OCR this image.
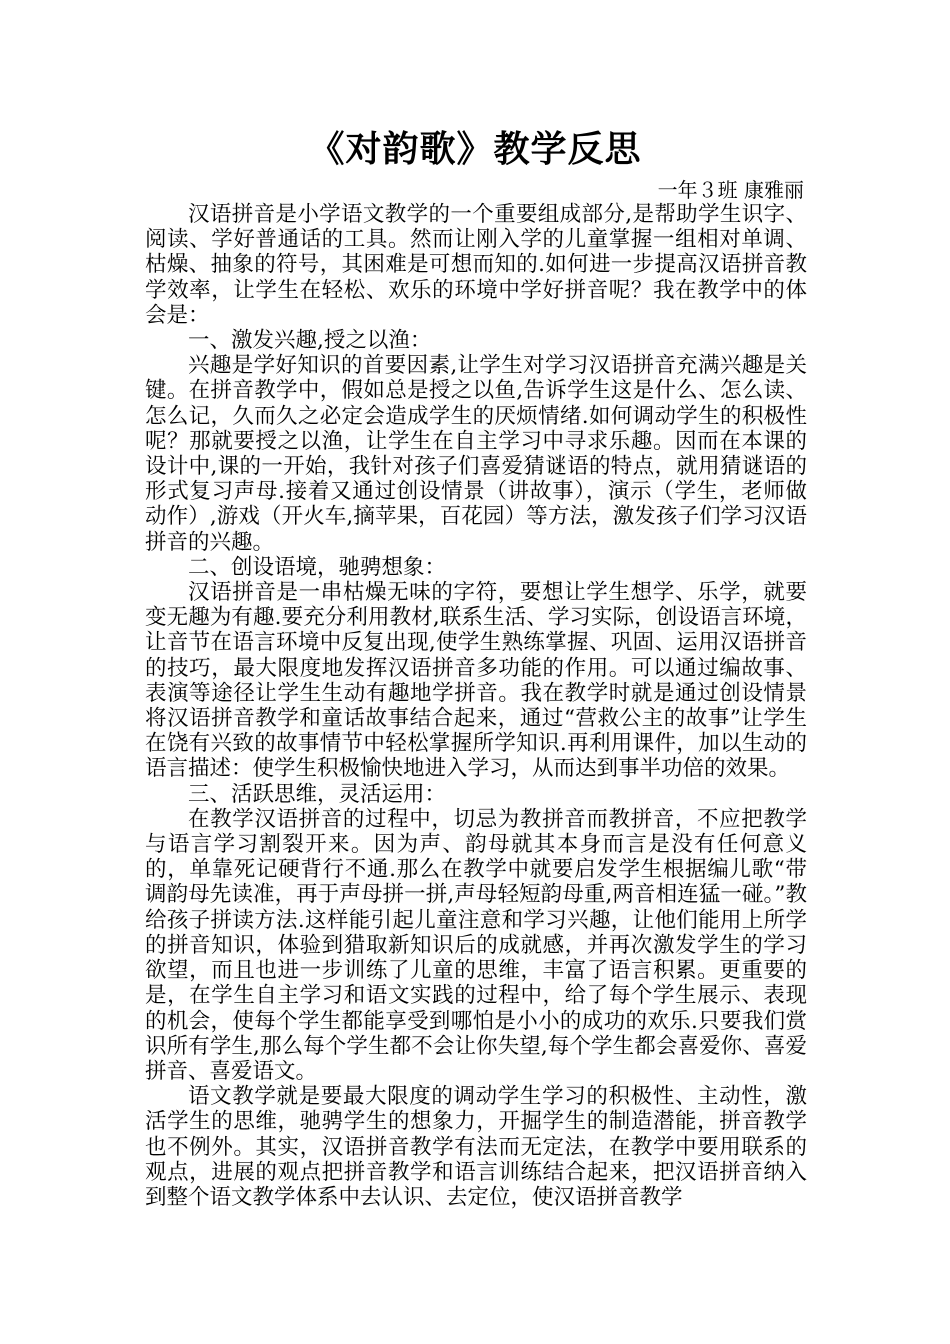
《对韵歌》教学反思
一年３班 康雅丽

汉语拼音是小学语文教学的一个重要组成部分,是帮助学生识字、阅读、学好普通话的工具。然而让刚入学的儿童掌握一组相对单调、枯燥、抽象的符号，其困难是可想而知的.如何进一步提高汉语拼音教学效率，让学生在轻松、欢乐的环境中学好拼音呢？我在教学中的体会是：

一、激发兴趣,授之以渔：

兴趣是学好知识的首要因素,让学生对学习汉语拼音充满兴趣是关键。在拼音教学中，假如总是授之以鱼,告诉学生这是什么、怎么读、怎么记，久而久之必定会造成学生的厌烦情绪.如何调动学生的积极性呢？那就要授之以渔，让学生在自主学习中寻求乐趣。因而在本课的设计中,课的一开始，我针对孩子们喜爱猜谜语的特点，就用猜谜语的形式复习声母.接着又通过创设情景（讲故事），演示（学生，老师做动作）,游戏（开火车,摘苹果，百花园）等方法，激发孩子们学习汉语拼音的兴趣。

二、创设语境，驰骋想象：

汉语拼音是一串枯燥无味的字符，要想让学生想学、乐学，就要变无趣为有趣.要充分利用教材,联系生活、学习实际，创设语言环境，让音节在语言环境中反复出现,使学生熟练掌握、巩固、运用汉语拼音的技巧，最大限度地发挥汉语拼音多功能的作用。可以通过编故事、表演等途径让学生生动有趣地学拼音。我在教学时就是通过创设情景将汉语拼音教学和童话故事结合起来，通过“营救公主的故事”让学生在饶有兴致的故事情节中轻松掌握所学知识.再利用课件，加以生动的语言描述：使学生积极愉快地进入学习，从而达到事半功倍的效果。

三、活跃思维，灵活运用：

在教学汉语拼音的过程中，切忌为教拼音而教拼音，不应把教学与语言学习割裂开来。因为声、韵母就其本身而言是没有任何意义的，单靠死记硬背行不通.那么在教学中就要启发学生根据编儿歌“带调韵母先读准，再于声母拼一拼,声母轻短韵母重,两音相连猛一碰。”教给孩子拼读方法.这样能引起儿童注意和学习兴趣，让他们能用上所学的拼音知识，体验到猎取新知识后的成就感，并再次激发学生的学习欲望，而且也进一步训练了儿童的思维，丰富了语言积累。更重要的是，在学生自主学习和语文实践的过程中，给了每个学生展示、表现的机会，使每个学生都能享受到哪怕是小小的成功的欢乐.只要我们赏识所有学生,那么每个学生都不会让你失望,每个学生都会喜爱你、喜爱拼音、喜爱语文。

语文教学就是要最大限度的调动学生学习的积极性、主动性，激活学生的思维，驰骋学生的想象力，开掘学生的制造潜能，拼音教学也不例外。其实，汉语拼音教学有法而无定法，在教学中要用联系的观点，进展的观点把拼音教学和语言训练结合起来，把汉语拼音纳入到整个语文教学体系中去认识、去定位，使汉语拼音教学
